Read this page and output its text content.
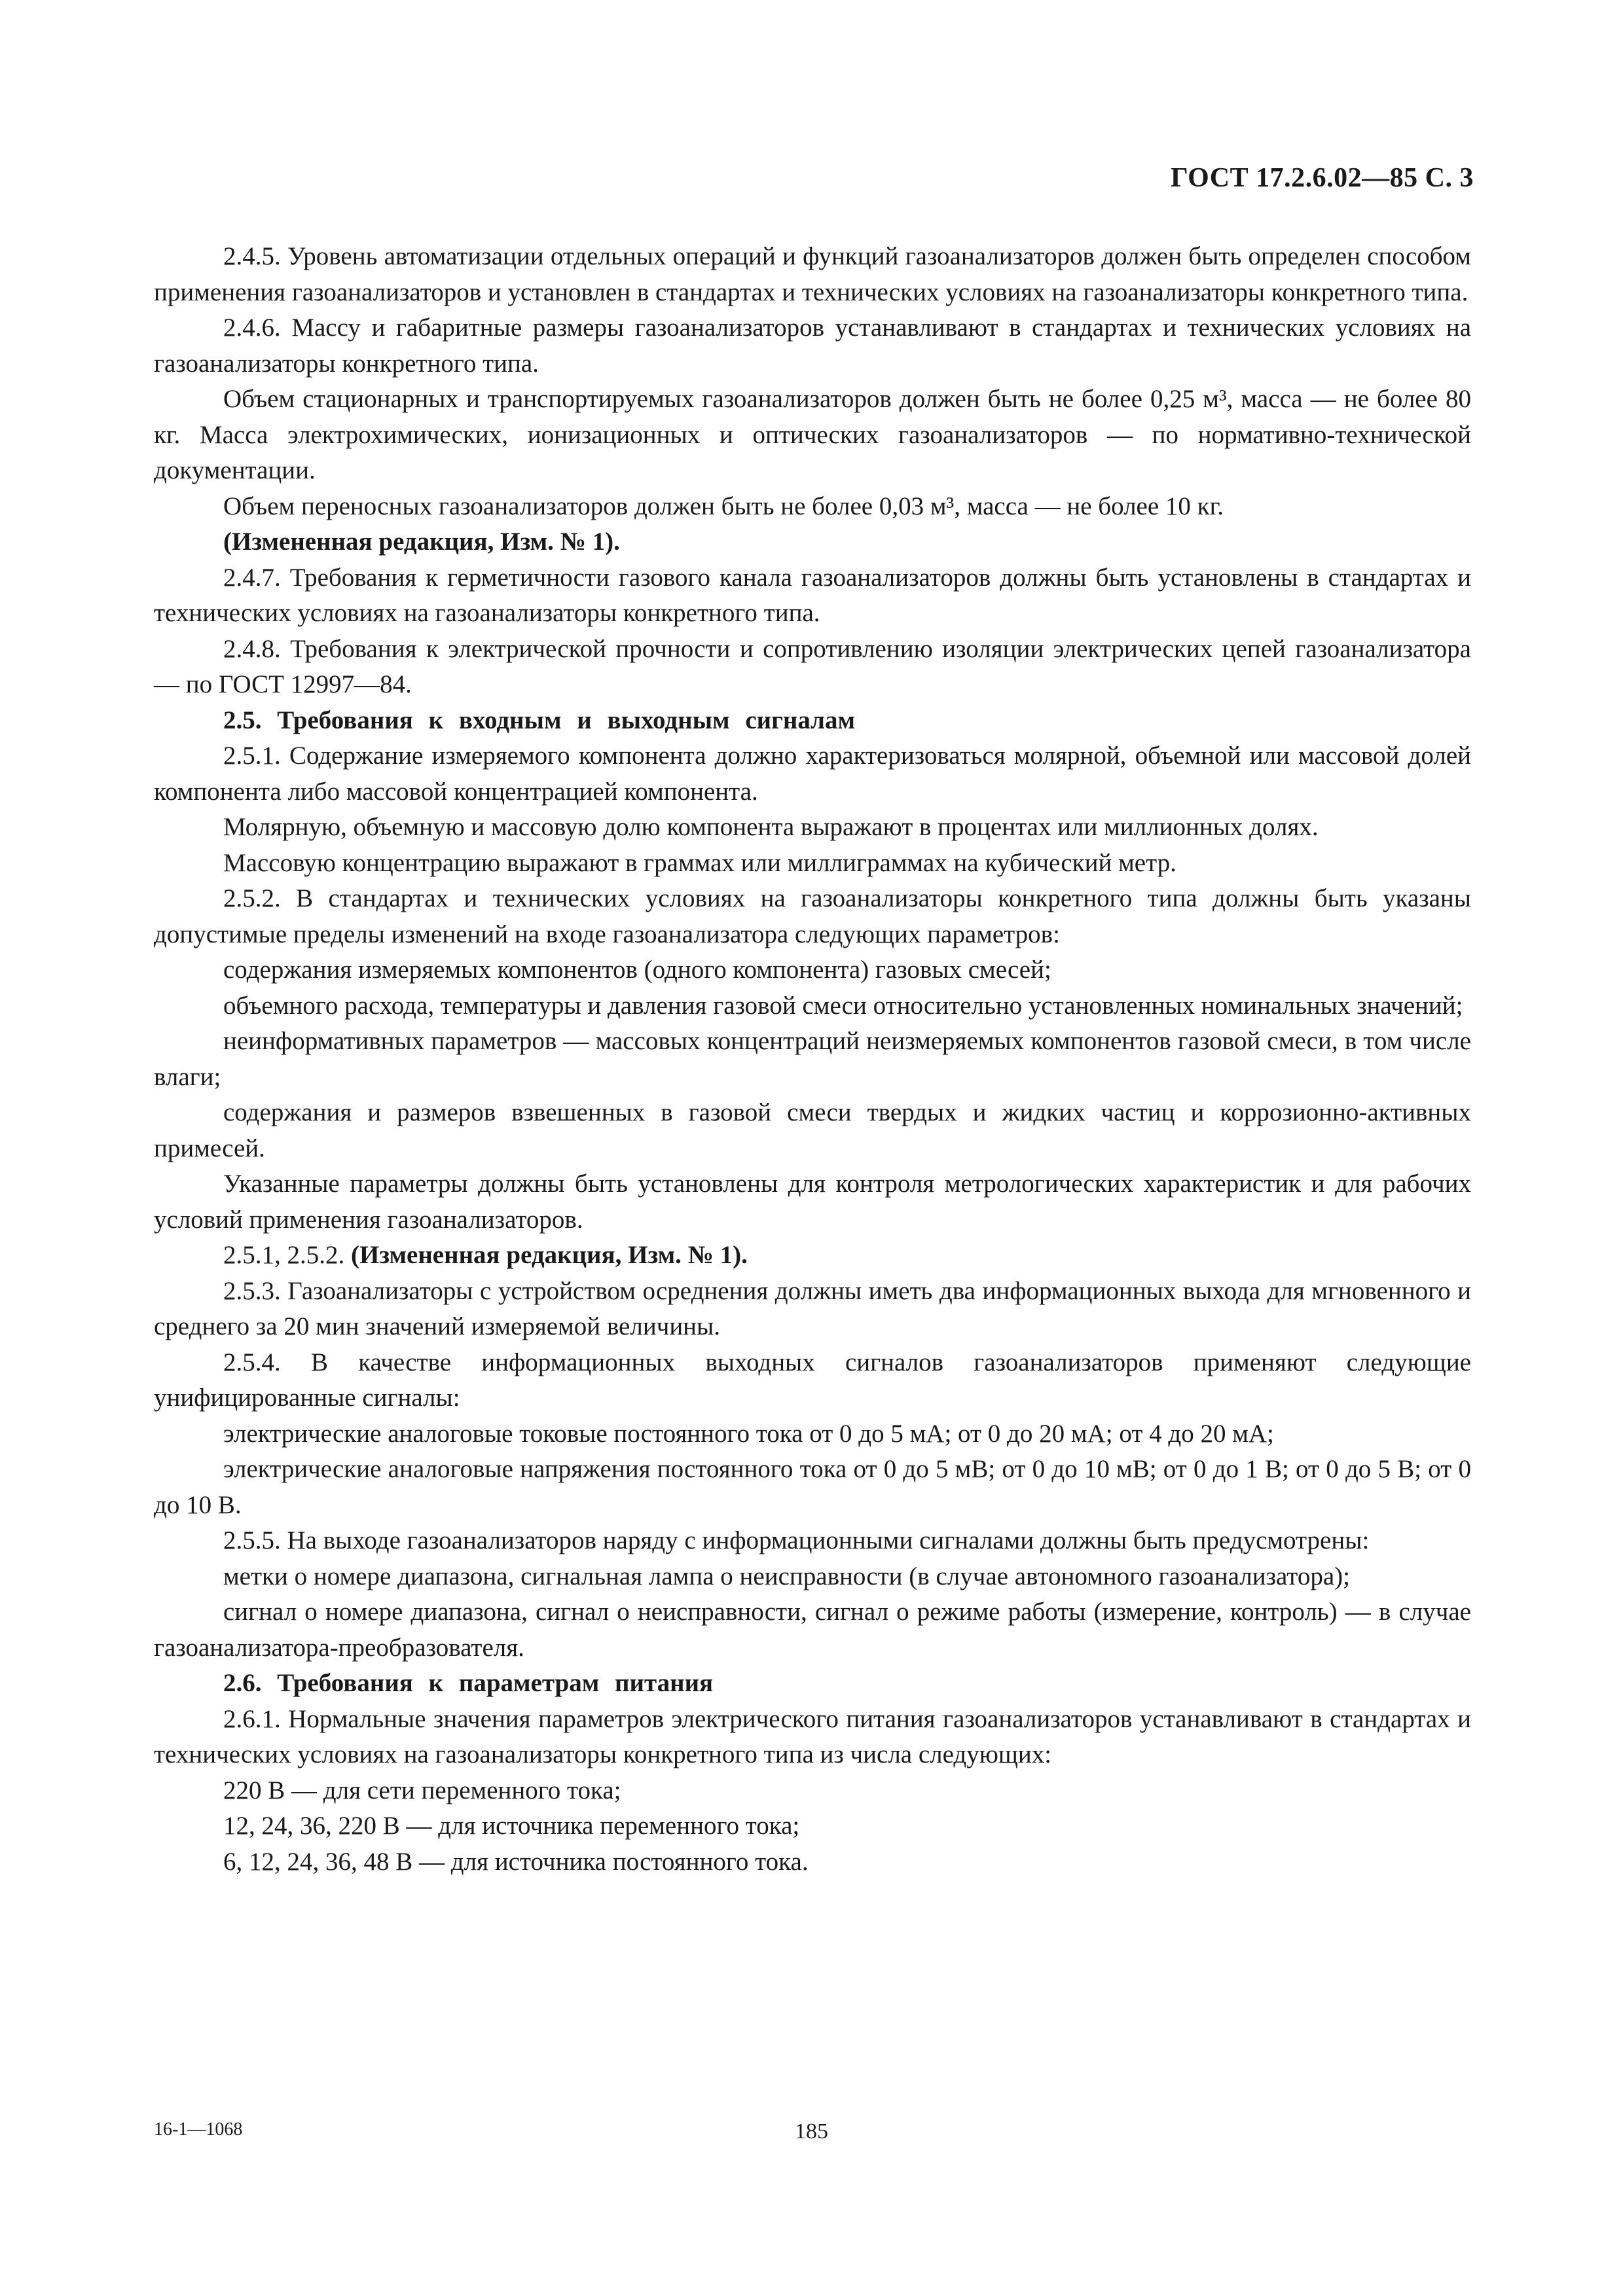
ГОСТ 17.2.6.02—85 С. 3

2.4.5. Уровень автоматизации отдельных операций и функций газоанализаторов должен быть определен способом применения газоанализаторов и установлен в стандартах и технических условиях на газоанализаторы конкретного типа.

2.4.6. Массу и габаритные размеры газоанализаторов устанавливают в стандартах и технических условиях на газоанализаторы конкретного типа.

Объем стационарных и транспортируемых газоанализаторов должен быть не более 0,25 м³, масса — не более 80 кг. Масса электрохимических, ионизационных и оптических газоанализаторов — по нормативно-технической документации.

Объем переносных газоанализаторов должен быть не более 0,03 м³, масса — не более 10 кг.

(Измененная редакция, Изм. № 1).

2.4.7. Требования к герметичности газового канала газоанализаторов должны быть установлены в стандартах и технических условиях на газоанализаторы конкретного типа.

2.4.8. Требования к электрической прочности и сопротивлению изоляции электрических цепей газоанализатора — по ГОСТ 12997—84.

2.5. Требования к входным и выходным сигналам

2.5.1. Содержание измеряемого компонента должно характеризоваться молярной, объемной или массовой долей компонента либо массовой концентрацией компонента.

Молярную, объемную и массовую долю компонента выражают в процентах или миллионных долях.

Массовую концентрацию выражают в граммах или миллиграммах на кубический метр.

2.5.2. В стандартах и технических условиях на газоанализаторы конкретного типа должны быть указаны допустимые пределы изменений на входе газоанализатора следующих параметров:

содержания измеряемых компонентов (одного компонента) газовых смесей;

объемного расхода, температуры и давления газовой смеси относительно установленных номинальных значений;

неинформативных параметров — массовых концентраций неизмеряемых компонентов газовой смеси, в том числе влаги;

содержания и размеров взвешенных в газовой смеси твердых и жидких частиц и коррозионно-активных примесей.

Указанные параметры должны быть установлены для контроля метрологических характеристик и для рабочих условий применения газоанализаторов.

2.5.1, 2.5.2. (Измененная редакция, Изм. № 1).

2.5.3. Газоанализаторы с устройством осреднения должны иметь два информационных выхода для мгновенного и среднего за 20 мин значений измеряемой величины.

2.5.4. В качестве информационных выходных сигналов газоанализаторов применяют следующие унифицированные сигналы:

электрические аналоговые токовые постоянного тока от 0 до 5 мА; от 0 до 20 мА; от 4 до 20 мА;

электрические аналоговые напряжения постоянного тока от 0 до 5 мВ; от 0 до 10 мВ; от 0 до 1 В; от 0 до 5 В; от 0 до 10 В.

2.5.5. На выходе газоанализаторов наряду с информационными сигналами должны быть предусмотрены:

метки о номере диапазона, сигнальная лампа о неисправности (в случае автономного газоанализатора);

сигнал о номере диапазона, сигнал о неисправности, сигнал о режиме работы (измерение, контроль) — в случае газоанализатора-преобразователя.

2.6. Требования к параметрам питания

2.6.1. Нормальные значения параметров электрического питания газоанализаторов устанавливают в стандартах и технических условиях на газоанализаторы конкретного типа из числа следующих:

220 В — для сети переменного тока;

12, 24, 36, 220 В — для источника переменного тока;

6, 12, 24, 36, 48 В — для источника постоянного тока.

16-1—1068	185
